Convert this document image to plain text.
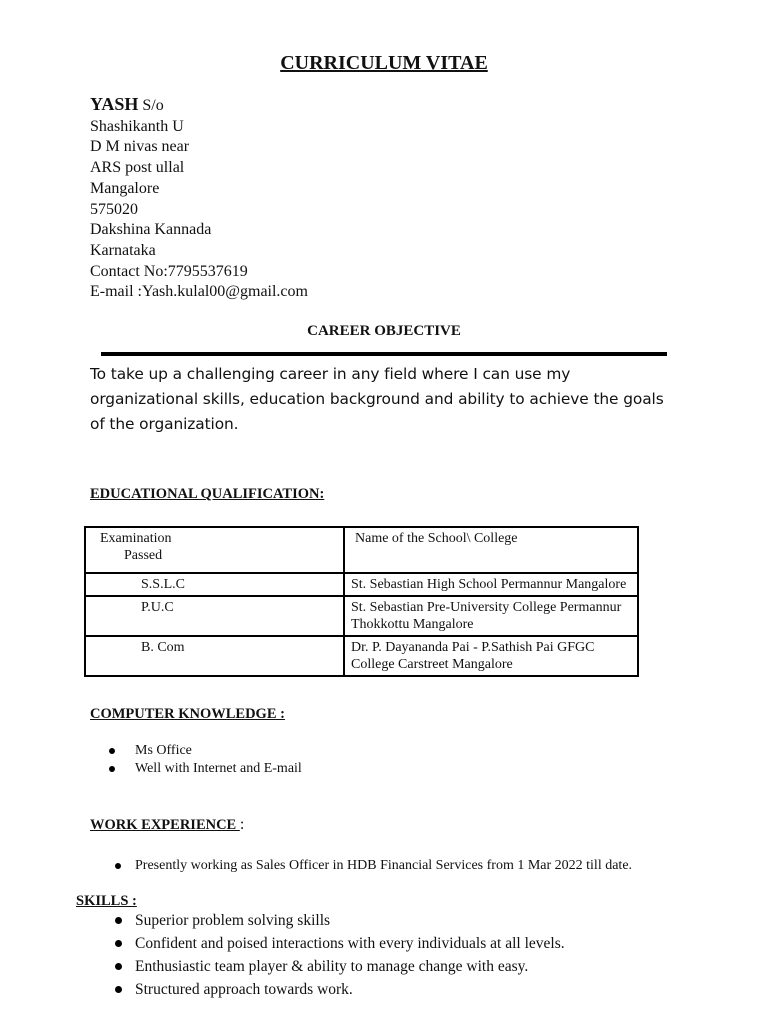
CURRICULUM VITAE
YASH S/o
Shashikanth U
D M nivas near
ARS post ullal
Mangalore
575020
Dakshina Kannada
Karnataka
Contact No:7795537619
E-mail :Yash.kulal00@gmail.com
CAREER OBJECTIVE
To take up a challenging career in any field where I can use my organizational skills, education background and ability to achieve the goals of the organization.
EDUCATIONAL QUALIFICATION:
Examination
Passed	Name of the School\ College
S.S.L.C	St. Sebastian High School Permannur Mangalore
P.U.C	St. Sebastian Pre-University College Permannur Thokkottu Mangalore
B. Com	Dr. P. Dayananda Pai - P.Sathish Pai GFGC College Carstreet Mangalore
COMPUTER KNOWLEDGE :
Ms Office
Well with Internet and E-mail
WORK EXPERIENCE :
Presently working as Sales Officer in HDB Financial Services from 1 Mar 2022 till date.
SKILLS :
Superior problem solving skills
Confident and poised interactions with every individuals at all levels.
Enthusiastic team player & ability to manage change with easy.
Structured approach towards work.
